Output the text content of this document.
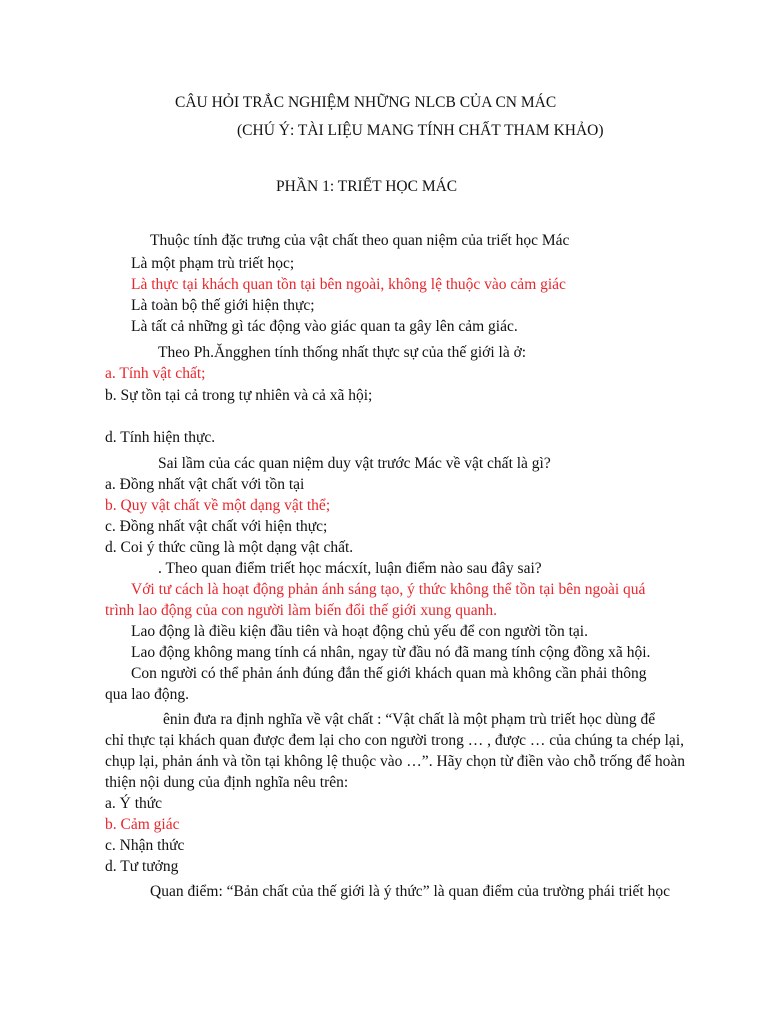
CÂU HỎI TRẮC NGHIỆM NHỮNG NLCB CỦA CN MÁC
(CHÚ Ý: TÀI LIỆU MANG TÍNH CHẤT THAM KHẢO)
PHẦN 1: TRIẾT HỌC MÁC
Thuộc tính đặc trưng của vật chất theo quan niệm của triết học Mác
Là một phạm trù triết học;
Là thực tại khách quan tồn tại bên ngoài, không lệ thuộc vào cảm giác
Là toàn bộ thế giới hiện thực;
Là tất cả những gì tác động vào giác quan ta gây lên cảm giác.
Theo Ph.Ăngghen tính thống nhất thực sự của thế giới là ở:
a. Tính vật chất;
b. Sự tồn tại cả trong tự nhiên và cả xã hội;
d. Tính hiện thực.
Sai lầm của các quan niệm duy vật trước Mác về vật chất là gì?
a. Đồng nhất vật chất với tồn tại
b. Quy vật chất về một dạng vật thể;
c. Đồng nhất vật chất với hiện thực;
d. Coi ý thức cũng là một dạng vật chất.
. Theo quan điểm triết học mácxít, luận điểm nào sau đây sai?
Với tư cách là hoạt động phản ánh sáng tạo, ý thức không thể tồn tại bên ngoài quá
trình lao động của con người làm biến đổi thế giới xung quanh.
Lao động là điều kiện đầu tiên và hoạt động chủ yếu để con người tồn tại.
Lao động không mang tính cá nhân, ngay từ đầu nó đã mang tính cộng đồng xã hội.
Con người có thể phản ánh đúng đắn thế giới khách quan mà không cần phải thông
qua lao động.
ênin đưa ra định nghĩa về vật chất : “Vật chất là một phạm trù triết học dùng để
chỉ thực tại khách quan được đem lại cho con người trong … , được … của chúng ta chép lại,
chụp lại, phản ánh và tồn tại không lệ thuộc vào …”. Hãy chọn từ điền vào chỗ trống để hoàn
thiện nội dung của định nghĩa nêu trên:
a. Ý thức
b. Cảm giác
c. Nhận thức
d. Tư tưởng
Quan điểm: “Bản chất của thế giới là ý thức” là quan điểm của trường phái triết học
